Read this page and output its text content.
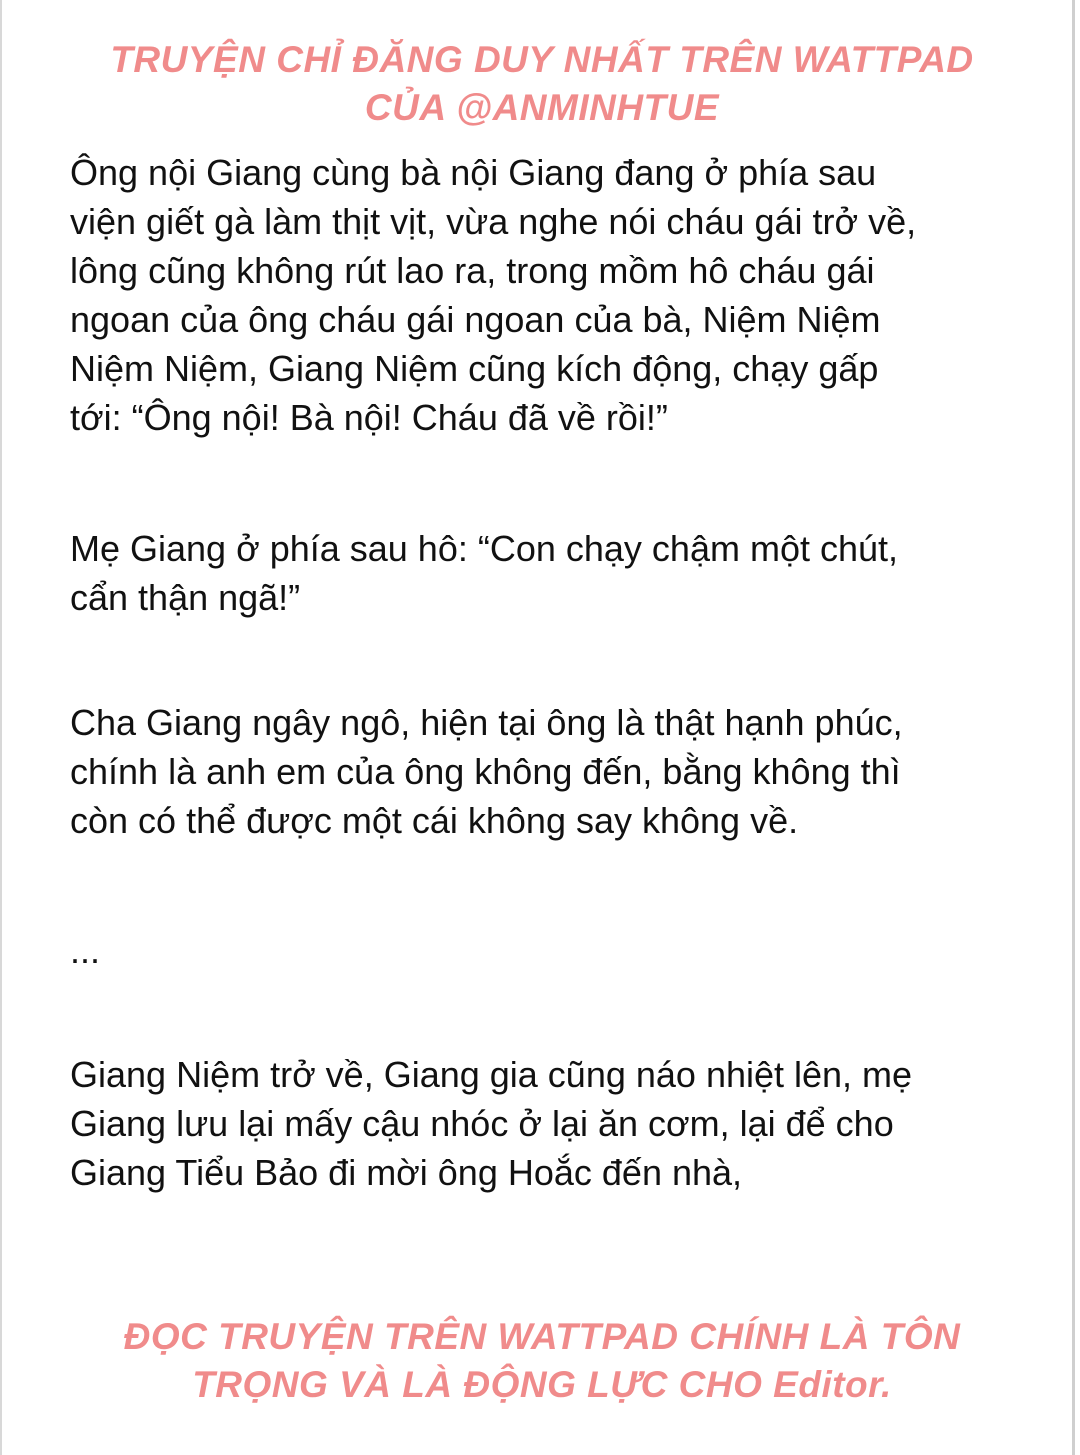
TRUYỆN CHỈ ĐĂNG DUY NHẤT TRÊN WATTPAD

CỦA @ANMINHTUE

Ông nội Giang cùng bà nội Giang đang ở phía sau
viện giết gà làm thịt vịt, vừa nghe nói cháu gái trở về,
lông cũng không rút lao ra, trong mồm hô cháu gái
ngoan của ông cháu gái ngoan của bà, Niệm Niệm
Niệm Niệm, Giang Niệm cũng kích động, chạy gấp
tới: “Ông nội! Bà nội! Cháu đã về rồi!”

Mẹ Giang ở phía sau hô: “Con chạy chậm một chút,
cẩn thận ngã!”

Cha Giang ngây ngô, hiện tại ông là thật hạnh phúc,
chính là anh em của ông không đến, bằng không thì
còn có thể được một cái không say không về.

...

Giang Niệm trở về, Giang gia cũng náo nhiệt lên, mẹ
Giang lưu lại mấy cậu nhóc ở lại ăn cơm, lại để cho
Giang Tiểu Bảo đi mời ông Hoắc đến nhà,

ĐỌC TRUYỆN TRÊN WATTPAD CHÍNH LÀ TÔN

TRỌNG VÀ LÀ ĐỘNG LỰC CHO Editor.
